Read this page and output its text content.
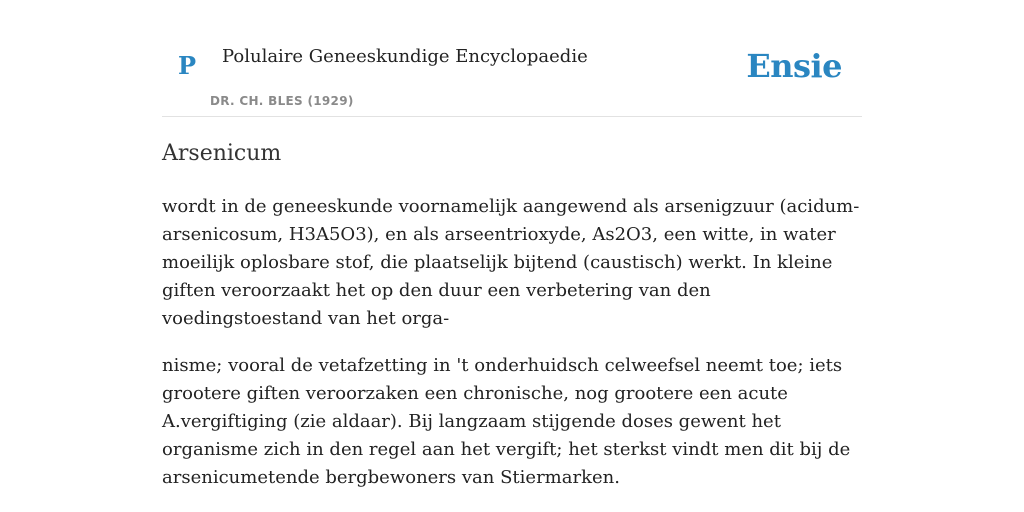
P Polulaire Geneeskundige Encyclopaedie
DR. CH. BLES (1929)
Ensie
Arsenicum

wordt in de geneeskunde voornamelijk aangewend als arsenigzuur (acidum-arsenicosum, H3A5O3), en als arseentrioxyde, As2O3, een witte, in water moeilijk oplosbare stof, die plaatselijk bijtend (caustisch) werkt. In kleine giften veroorzaakt het op den duur een verbetering van den voedingstoestand van het orga-

nisme; vooral de vetafzetting in 't onderhuidsch celweefsel neemt toe; iets grootere giften veroorzaken een chronische, nog grootere een acute A.vergiftiging (zie aldaar). Bij langzaam stijgende doses gewent het organisme zich in den regel aan het vergift; het sterkst vindt men dit bij de arsenicumetende bergbewoners van Stiermarken.
